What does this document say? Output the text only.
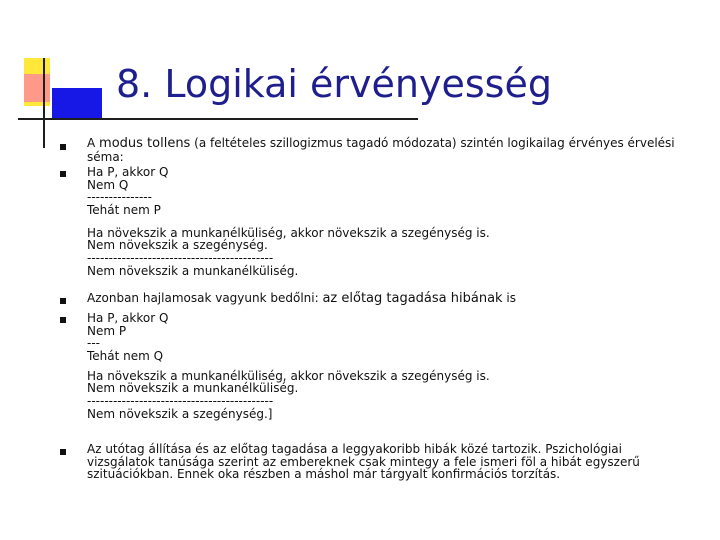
8. Logikai érvényesség
A modus tollens (a feltételes szillogizmus tagadó módozata) szintén logikailag érvényes érvelési séma:
Ha P, akkor Q
Nem Q
---------------
Tehát nem P
Ha növekszik a munkanélküliség, akkor növekszik a szegénység is.
Nem növekszik a szegénység.
-------------------------------------------
Nem növekszik a munkanélküliség.
Azonban hajlamosak vagyunk bedőlni: az előtag tagadása hibának is
Ha P, akkor Q
Nem P
---
Tehát nem Q
Ha növekszik a munkanélküliség, akkor növekszik a szegénység is.
Nem növekszik a munkanélküliség.
-------------------------------------------
Nem növekszik a szegénység.]
Az utótag állítása és az előtag tagadása a leggyakoribb hibák közé tartozik. Pszichológiai vizsgálatok tanúsága szerint az embereknek csak mintegy a fele ismeri föl a hibát egyszerű szituációkban. Ennek oka részben a máshol már tárgyalt konfirmációs torzítás.
